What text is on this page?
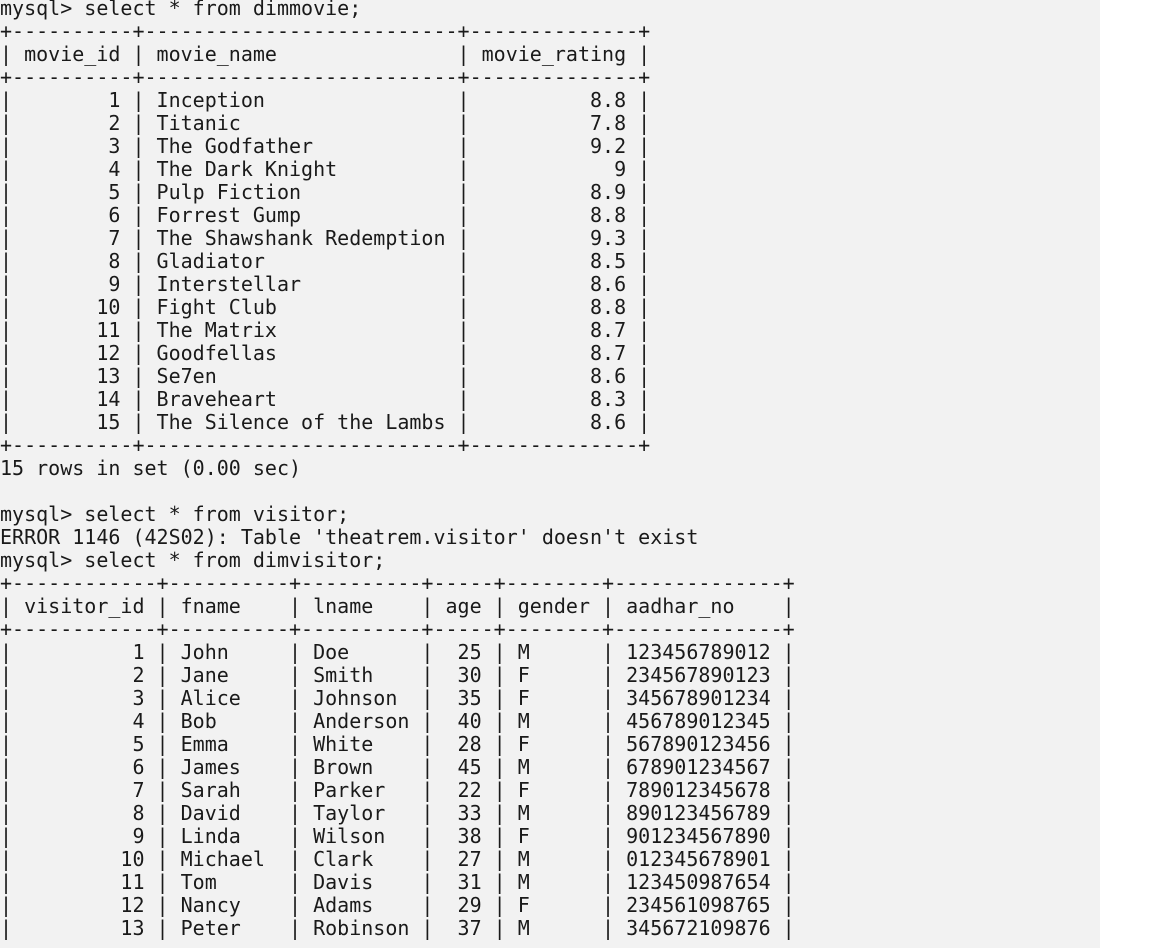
mysql> select * from dimmovie;
+----------+--------------------------+--------------+
| movie_id | movie_name               | movie_rating |
+----------+--------------------------+--------------+
|        1 | Inception                |          8.8 |
|        2 | Titanic                  |          7.8 |
|        3 | The Godfather            |          9.2 |
|        4 | The Dark Knight          |            9 |
|        5 | Pulp Fiction             |          8.9 |
|        6 | Forrest Gump             |          8.8 |
|        7 | The Shawshank Redemption |          9.3 |
|        8 | Gladiator                |          8.5 |
|        9 | Interstellar             |          8.6 |
|       10 | Fight Club               |          8.8 |
|       11 | The Matrix               |          8.7 |
|       12 | Goodfellas               |          8.7 |
|       13 | Se7en                    |          8.6 |
|       14 | Braveheart               |          8.3 |
|       15 | The Silence of the Lambs |          8.6 |
+----------+--------------------------+--------------+
15 rows in set (0.00 sec)
mysql> select * from visitor;
ERROR 1146 (42S02): Table 'theatrem.visitor' doesn't exist
mysql> select * from dimvisitor;
+------------+----------+----------+-----+--------+--------------+
| visitor_id | fname    | lname    | age | gender | aadhar_no    |
+------------+----------+----------+-----+--------+--------------+
|          1 | John     | Doe      |  25 | M      | 123456789012 |
|          2 | Jane     | Smith    |  30 | F      | 234567890123 |
|          3 | Alice    | Johnson  |  35 | F      | 345678901234 |
|          4 | Bob      | Anderson |  40 | M      | 456789012345 |
|          5 | Emma     | White    |  28 | F      | 567890123456 |
|          6 | James    | Brown    |  45 | M      | 678901234567 |
|          7 | Sarah    | Parker   |  22 | F      | 789012345678 |
|          8 | David    | Taylor   |  33 | M      | 890123456789 |
|          9 | Linda    | Wilson   |  38 | F      | 901234567890 |
|         10 | Michael  | Clark    |  27 | M      | 012345678901 |
|         11 | Tom      | Davis    |  31 | M      | 123450987654 |
|         12 | Nancy    | Adams    |  29 | F      | 234561098765 |
|         13 | Peter    | Robinson |  37 | M      | 345672109876 |
